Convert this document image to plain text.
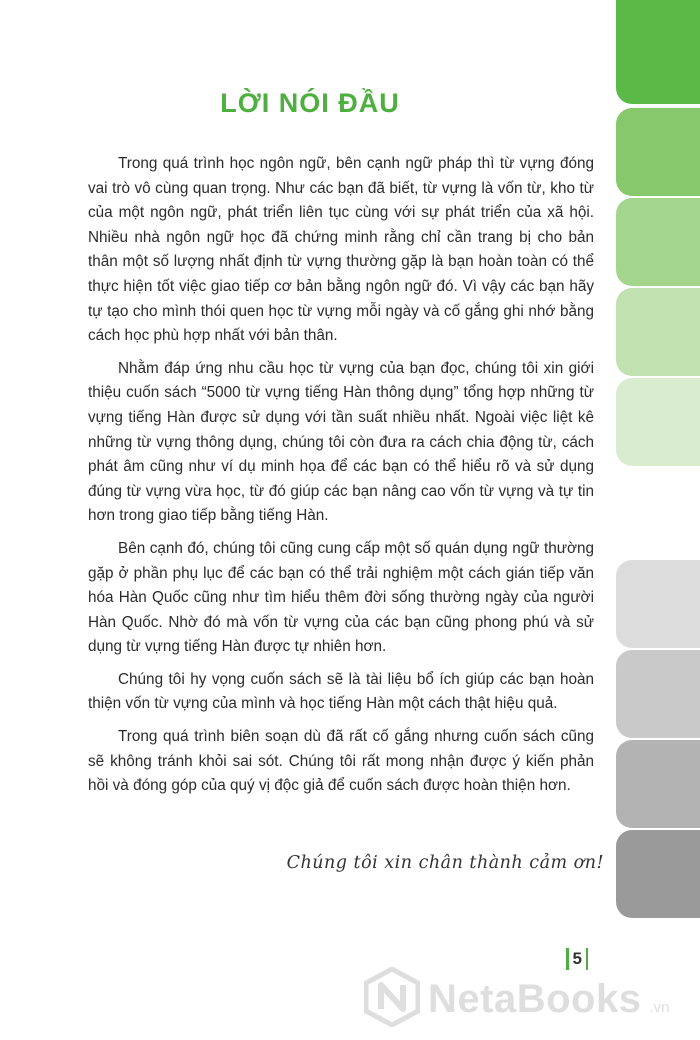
LỜI NÓI ĐẦU

Trong quá trình học ngôn ngữ, bên cạnh ngữ pháp thì từ vựng đóng vai trò vô cùng quan trọng. Như các bạn đã biết, từ vựng là vốn từ, kho từ của một ngôn ngữ, phát triển liên tục cùng với sự phát triển của xã hội. Nhiều nhà ngôn ngữ học đã chứng minh rằng chỉ cần trang bị cho bản thân một số lượng nhất định từ vựng thường gặp là bạn hoàn toàn có thể thực hiện tốt việc giao tiếp cơ bản bằng ngôn ngữ đó. Vì vậy các bạn hãy tự tạo cho mình thói quen học từ vựng mỗi ngày và cố gắng ghi nhớ bằng cách học phù hợp nhất với bản thân.

Nhằm đáp ứng nhu cầu học từ vựng của bạn đọc, chúng tôi xin giới thiệu cuốn sách “5000 từ vựng tiếng Hàn thông dụng” tổng hợp những từ vựng tiếng Hàn được sử dụng với tần suất nhiều nhất. Ngoài việc liệt kê những từ vựng thông dụng, chúng tôi còn đưa ra cách chia động từ, cách phát âm cũng như ví dụ minh họa để các bạn có thể hiểu rõ và sử dụng đúng từ vựng vừa học, từ đó giúp các bạn nâng cao vốn từ vựng và tự tin hơn trong giao tiếp bằng tiếng Hàn.

Bên cạnh đó, chúng tôi cũng cung cấp một số quán dụng ngữ thường gặp ở phần phụ lục để các bạn có thể trải nghiệm một cách gián tiếp văn hóa Hàn Quốc cũng như tìm hiểu thêm đời sống thường ngày của người Hàn Quốc. Nhờ đó mà vốn từ vựng của các bạn cũng phong phú và sử dụng từ vựng tiếng Hàn được tự nhiên hơn.

Chúng tôi hy vọng cuốn sách sẽ là tài liệu bổ ích giúp các bạn hoàn thiện vốn từ vựng của mình và học tiếng Hàn một cách thật hiệu quả.

Trong quá trình biên soạn dù đã rất cố gắng nhưng cuốn sách cũng sẽ không tránh khỏi sai sót. Chúng tôi rất mong nhận được ý kiến phản hồi và đóng góp của quý vị độc giả để cuốn sách được hoàn thiện hơn.

Chúng tôi xin chân thành cảm ơn!
5
NetaBooks .vn
